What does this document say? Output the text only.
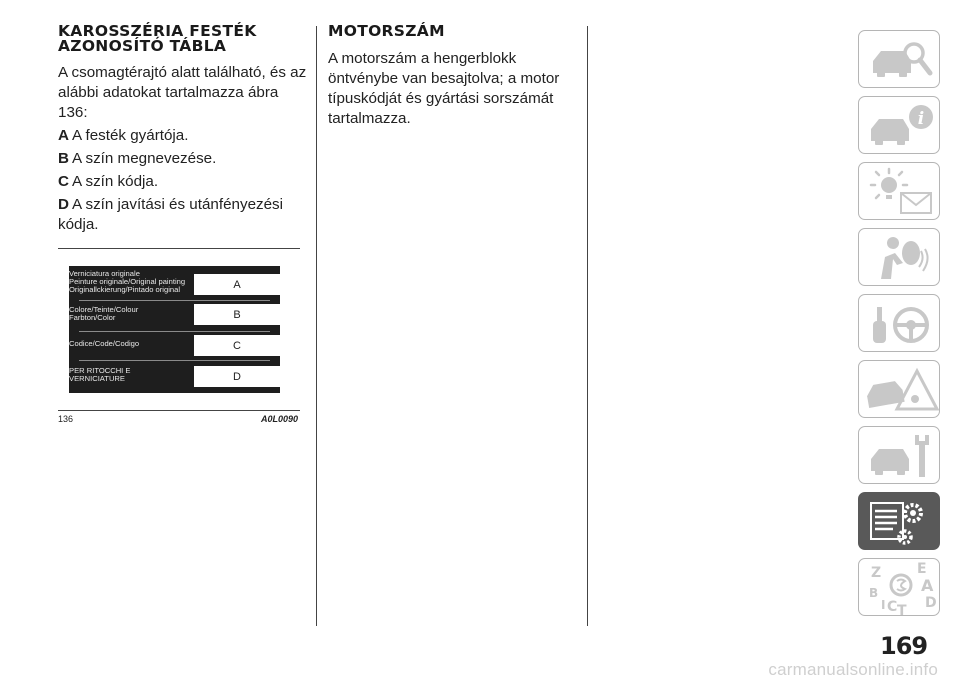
KAROSSZÉRIA FESTÉK
AZONOSÍTÓ TÁBLA
A csomagtérajtó alatt található, és az alábbi adatokat tartalmazza ábra 136:
A A festék gyártója.
B A szín megnevezése.
C A szín kódja.
D A szín javítási és utánfényezési kódja.
Verniciatura originale
Peinture originale/Original painting
Originallckierung/Pintado original	A
Colore/Teinte/Colour
Farbton/Color	B
Codice/Code/Codigo	C
PER RITOCCHI E
VERNICIATURE	D
136	A0L0090
MOTORSZÁM
A motorszám a hengerblokk öntvénybe van besajtolva; a motor típuskódját és gyártási sorszámát tartalmazza.	i
Z	E
A
B
C T
I	D
169
carmanualsonline.info
